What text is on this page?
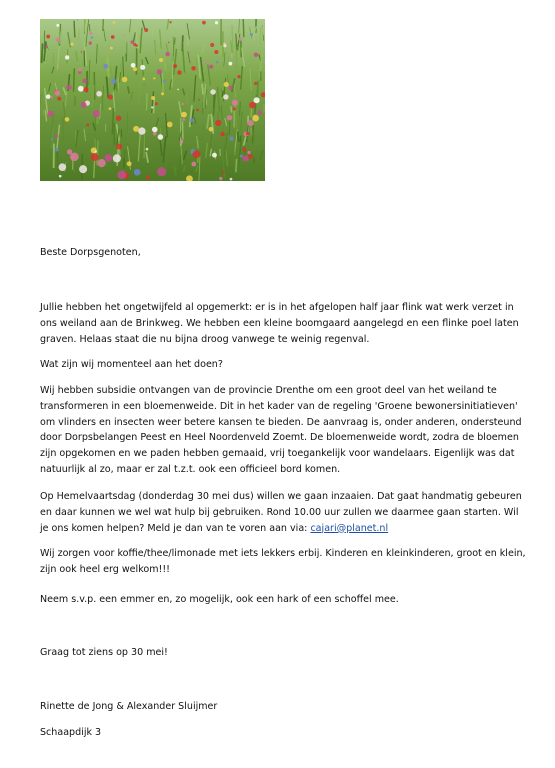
Beste Dorpsgenoten,
Jullie hebben het ongetwijfeld al opgemerkt: er is in het afgelopen half jaar flink wat werk verzet in ons weiland aan de Brinkweg. We hebben een kleine boomgaard aangelegd en een flinke poel laten graven. Helaas staat die nu bijna droog vanwege te weinig regenval.
Wat zijn wij momenteel aan het doen?
Wij hebben subsidie ontvangen van de provincie Drenthe om een groot deel van het weiland te transformeren in een bloemenweide. Dit in het kader van de regeling 'Groene bewonersinitiatieven' om vlinders en insecten weer betere kansen te bieden. De aanvraag is, onder anderen, ondersteund door Dorpsbelangen Peest en Heel Noordenveld Zoemt. De bloemenweide wordt, zodra de bloemen zijn opgekomen en we paden hebben gemaaid, vrij toegankelijk voor wandelaars. Eigenlijk was dat natuurlijk al zo, maar er zal t.z.t. ook een officieel bord komen.
Op Hemelvaartsdag (donderdag 30 mei dus) willen we gaan inzaaien. Dat gaat handmatig gebeuren en daar kunnen we wel wat hulp bij gebruiken. Rond 10.00 uur zullen we daarmee gaan starten. Wil je ons komen helpen? Meld je dan van te voren aan via: cajari@planet.nl
Wij zorgen voor koffie/thee/limonade met iets lekkers erbij. Kinderen en kleinkinderen, groot en klein, zijn ook heel erg welkom!!!
Neem s.v.p. een emmer en, zo mogelijk, ook een hark of een schoffel mee.
Graag tot ziens op 30 mei!
Rinette de Jong & Alexander Sluijmer
Schaapdijk 3
